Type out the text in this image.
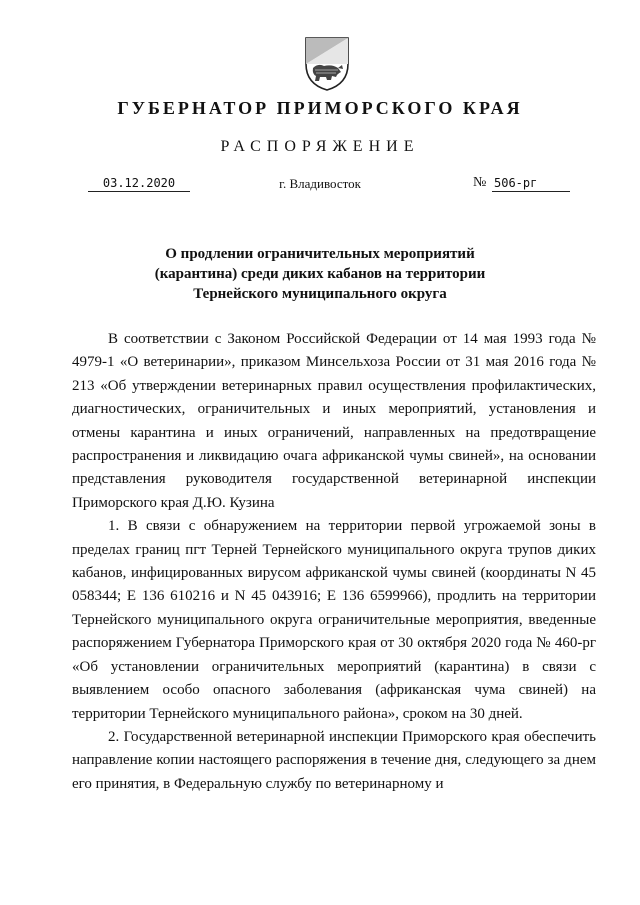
ГУБЕРНАТОР ПРИМОРСКОГО КРАЯ
РАСПОРЯЖЕНИЕ
03.12.2020	г. Владивосток	№ 506-рг
О продлении ограничительных мероприятий
(карантина) среди диких кабанов на территории
Тернейского муниципального округа

В соответствии с Законом Российской Федерации от 14 мая 1993 года № 4979-1 «О ветеринарии», приказом Минсельхоза России от 31 мая 2016 года № 213 «Об утверждении ветеринарных правил осуществления профилактических, диагностических, ограничительных и иных мероприятий, установления и отмены карантина и иных ограничений, направленных на предотвращение распространения и ликвидацию очага африканской чумы свиней», на основании представления руководителя государственной ветеринарной инспекции Приморского края Д.Ю. Кузина

1. В связи с обнаружением на территории первой угрожаемой зоны в пределах границ пгт Терней Тернейского муниципального округа трупов диких кабанов, инфицированных вирусом африканской чумы свиней (координаты N 45 058344; E 136 610216 и N 45 043916; E 136 6599966), продлить на территории Тернейского муниципального округа ограничительные мероприятия, введенные распоряжением Губернатора Приморского края от 30 октября 2020 года № 460-рг «Об установлении ограничительных мероприятий (карантина) в связи с выявлением особо опасного заболевания (африканская чума свиней) на территории Тернейского муниципального района», сроком на 30 дней.

2. Государственной ветеринарной инспекции Приморского края обеспечить направление копии настоящего распоряжения в течение дня, следующего за днем его принятия, в Федеральную службу по ветеринарному и
